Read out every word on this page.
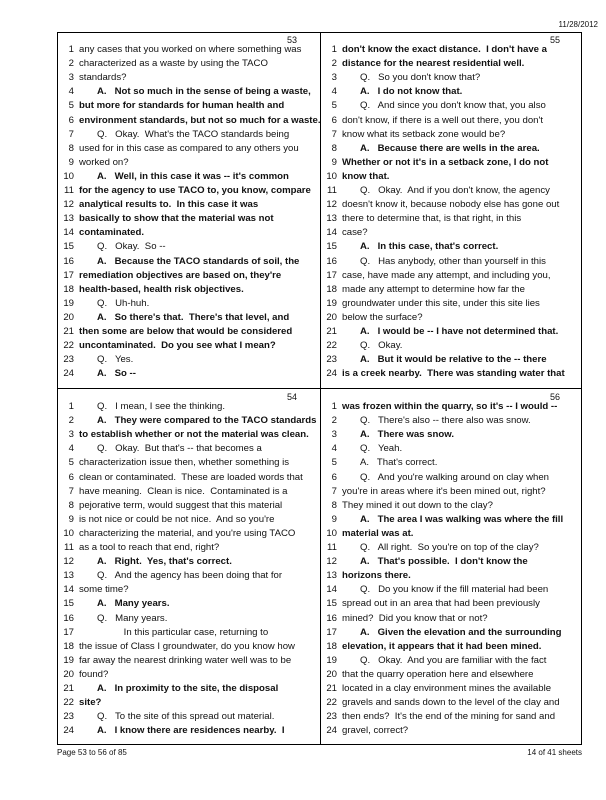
11/28/2012
53
1 any cases that you worked on where something was
2 characterized as a waste by using the TACO
3 standards?
4 A.   Not so much in the sense of being a waste,
5 but more for standards for human health and
6 environment standards, but not so much for a waste.
7 Q.   Okay.  What's the TACO standards being
8 used for in this case as compared to any others you
9 worked on?
10 A.   Well, in this case it was -- it's common
11 for the agency to use TACO to, you know, compare
12 analytical results to.  In this case it was
13 basically to show that the material was not
14 contaminated.
15 Q.   Okay.  So --
16 A.   Because the TACO standards of soil, the
17 remediation objectives are based on, they're
18 health-based, health risk objectives.
19 Q.   Uh-huh.
20 A.   So there's that.  There's that level, and
21 then some are below that would be considered
22 uncontaminated.  Do you see what I mean?
23 Q.   Yes.
24 A.   So --
55
1 don't know the exact distance.  I don't have a
2 distance for the nearest residential well.
3 Q.   So you don't know that?
4 A.   I do not know that.
5 Q.   And since you don't know that, you also
6 don't know, if there is a well out there, you don't
7 know what its setback zone would be?
8 A.   Because there are wells in the area.
9 Whether or not it's in a setback zone, I do not
10 know that.
11 Q.   Okay.  And if you don't know, the agency
12 doesn't know it, because nobody else has gone out
13 there to determine that, is that right, in this
14 case?
15 A.   In this case, that's correct.
16 Q.   Has anybody, other than yourself in this
17 case, have made any attempt, and including you,
18 made any attempt to determine how far the
19 groundwater under this site, under this site lies
20 below the surface?
21 A.   I would be -- I have not determined that.
22 Q.   Okay.
23 A.   But it would be relative to the -- there
24 is a creek nearby.  There was standing water that
54
1 Q.   I mean, I see the thinking.
2 A.   They were compared to the TACO standards
3 to establish whether or not the material was clean.
4 Q.   Okay.  But that's -- that becomes a
5 characterization issue then, whether something is
6 clean or contaminated.  These are loaded words that
7 have meaning.  Clean is nice.  Contaminated is a
8 pejorative term, would suggest that this material
9 is not nice or could be not nice.  And so you're
10 characterizing the material, and you're using TACO
11 as a tool to reach that end, right?
12 A.   Right.  Yes, that's correct.
13 Q.   And the agency has been doing that for
14 some time?
15 A.   Many years.
16 Q.   Many years.
17 In this particular case, returning to
18 the issue of Class I groundwater, do you know how
19 far away the nearest drinking water well was to be
20 found?
21 A.   In proximity to the site, the disposal
22 site?
23 Q.   To the site of this spread out material.
24 A.   I know there are residences nearby.  I
56
1 was frozen within the quarry, so it's -- I would --
2 Q.   There's also -- there also was snow.
3 A.   There was snow.
4 Q.   Yeah.
5 A.   That's correct.
6 Q.   And you're walking around on clay when
7 you're in areas where it's been mined out, right?
8 They mined it out down to the clay?
9 A.   The area I was walking was where the fill
10 material was at.
11 Q.   All right.  So you're on top of the clay?
12 A.   That's possible.  I don't know the
13 horizons there.
14 Q.   Do you know if the fill material had been
15 spread out in an area that had been previously
16 mined?  Did you know that or not?
17 A.   Given the elevation and the surrounding
18 elevation, it appears that it had been mined.
19 Q.   Okay.  And you are familiar with the fact
20 that the quarry operation here and elsewhere
21 located in a clay environment mines the available
22 gravels and sands down to the level of the clay and
23 then ends?  It's the end of the mining for sand and
24 gravel, correct?
Page 53 to 56 of 85	14 of 41 sheets
